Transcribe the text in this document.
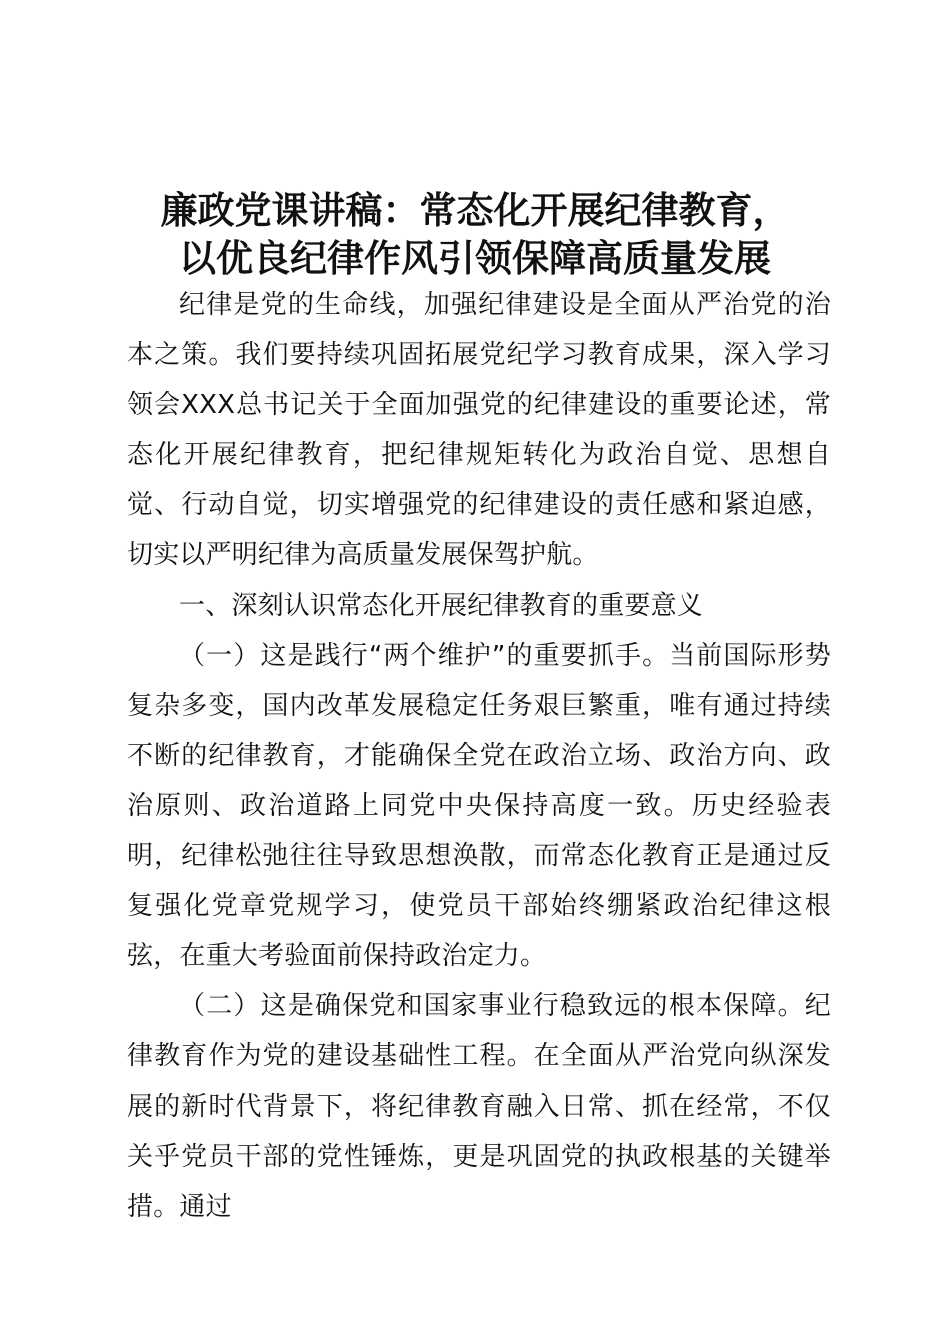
廉政党课讲稿：常态化开展纪律教育，
以优良纪律作风引领保障高质量发展

纪律是党的生命线，加强纪律建设是全面从严治党的治本之策。我们要持续巩固拓展党纪学习教育成果，深入学习领会XXX总书记关于全面加强党的纪律建设的重要论述，常态化开展纪律教育，把纪律规矩转化为政治自觉、思想自觉、行动自觉，切实增强党的纪律建设的责任感和紧迫感，切实以严明纪律为高质量发展保驾护航。

一、深刻认识常态化开展纪律教育的重要意义

（一）这是践行“两个维护”的重要抓手。当前国际形势复杂多变，国内改革发展稳定任务艰巨繁重，唯有通过持续不断的纪律教育，才能确保全党在政治立场、政治方向、政治原则、政治道路上同党中央保持高度一致。历史经验表明，纪律松弛往往导致思想涣散，而常态化教育正是通过反复强化党章党规学习，使党员干部始终绷紧政治纪律这根弦，在重大考验面前保持政治定力。

（二）这是确保党和国家事业行稳致远的根本保障。纪律教育作为党的建设基础性工程。在全面从严治党向纵深发展的新时代背景下，将纪律教育融入日常、抓在经常，不仅关乎党员干部的党性锤炼，更是巩固党的执政根基的关键举措。通过
